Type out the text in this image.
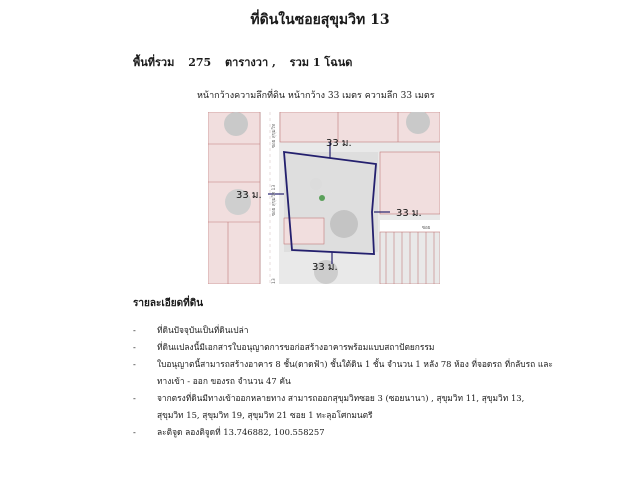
ที่ดินในซอยสุขุมวิท 13
พื้นที่รวม 275 ตารางวา , รวม 1 โฉนด
หน้ากว้างความลึกที่ดิน หน้ากว้าง 33 เมตร ความลึก 33 เมตร
33 ม.
33 ม.
33 ม.
33 ม.
ซอย สุขุมวิท
ซอย สุขุมวิท 13
ซอย
13
รายละเอียดที่ดิน
-	ที่ดินปัจจุบันเป็นที่ดินเปล่า
-	ที่ดินแปลงนี้มีเอกสารใบอนุญาตการขอก่อสร้างอาคารพร้อมแบบสถาปัตยกรรม
-	ใบอนุญาตนี้สามารถสร้างอาคาร 8 ชั้น(ดาดฟ้า) ชั้นใต้ดิน 1 ชั้น จำนวน 1 หลัง 78 ห้อง ที่จอดรถ ที่กลับรถ และทางเข้า - ออก ของรถ จำนวน 47 คัน
-	จากตรงที่ดินมีทางเข้าออกหลายทาง สามารถออกสุขุมวิทซอย 3 (ซอยนานา) , สุขุมวิท 11, สุขุมวิท 13, สุขุมวิท 15, สุขุมวิท 19, สุขุมวิท 21 ซอย 1 ทะลุอโศกมนตรี
-	ละติจูด ลองติจูดที่ 13.746882, 100.558257
